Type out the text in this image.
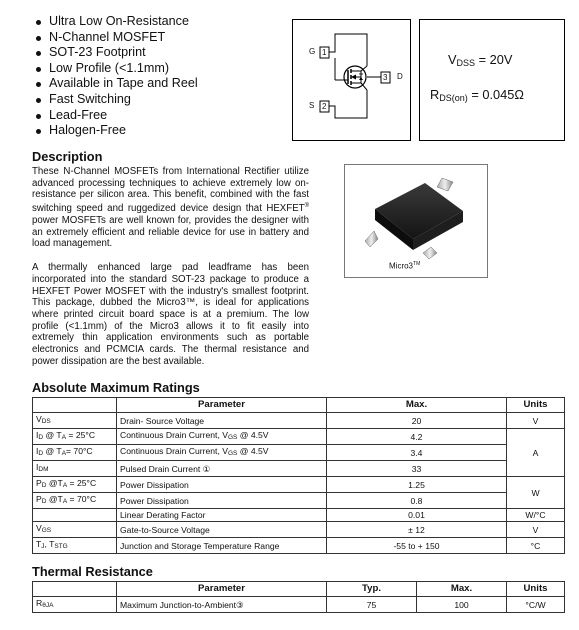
Ultra Low On-Resistance
N-Channel MOSFET
SOT-23 Footprint
Low Profile (<1.1mm)
Available in Tape and Reel
Fast Switching
Lead-Free
Halogen-Free
G
S
D
1
2
3
$V_{DSS} = 20V$
$R_{DS(on)} = 0.045\Omega$
Description

These N-Channel MOSFETs from International Rectifier utilize advanced processing techniques to achieve extremely low on-resistance per silicon area. This benefit, combined with the fast switching speed and ruggedized device design that HEXFET® power MOSFETs are well known for, provides the designer with an extremely efficient and reliable device for use in battery and load management.

A thermally enhanced large pad leadframe has been incorporated into the standard SOT-23 package to produce a HEXFET Power MOSFET with the industry's smallest footprint. This package, dubbed the Micro3™, is ideal for applications where printed circuit board space is at a premium. The low profile (<1.1mm) of the Micro3 allows it to fit easily into extremely thin application environments such as portable electronics and PCMCIA cards. The thermal resistance and power dissipation are the best available.

Micro3™
Absolute Maximum Ratings
	Parameter	Max.	Units
$V_{DS}$	Drain- Source Voltage	20	V
$I_D$ @ $T_A = 25^\circ C$	Continuous Drain Current, $V_{GS}$ @ 4.5V	4.2	A
$I_D$ @ $T_A= 70^\circ C$	Continuous Drain Current, $V_{GS}$ @ 4.5V	3.4	
$I_{DM}$	Pulsed Drain Current ①	33	
$P_D$ $@T_A = 25^\circ C$	Power Dissipation	1.25	W
$P_D$ $@T_A = 70^\circ C$	Power Dissipation	0.8	
	Linear Derating Factor	0.01	W/°C
$V_{GS}$	Gate-to-Source Voltage	± 12	V
$T_J$, $T_{STG}$	Junction and Storage Temperature Range	-55 to + 150	°C
Thermal Resistance
	Parameter	Typ.	Max.	Units
$R_{\theta JA}$	Maximum Junction-to-Ambient③	75	100	°C/W
